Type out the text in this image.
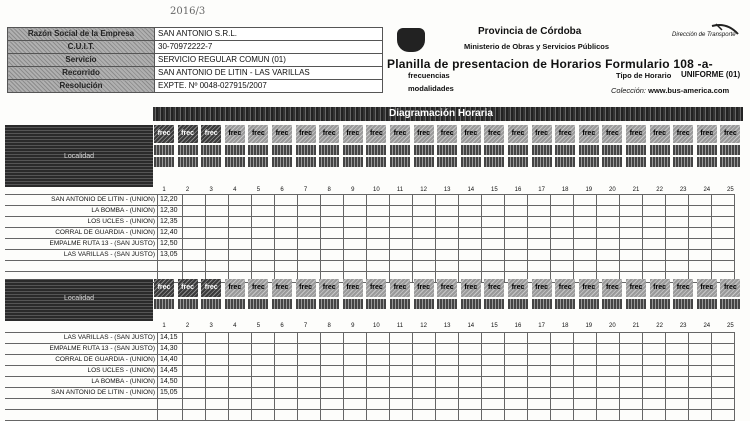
2016/3
Razón Social de la Empresa	SAN ANTONIO S.R.L.
C.U.I.T.	30-70972222-7
Servicio	SERVICIO REGULAR COMUN (01)
Recorrido	SAN ANTONIO DE LITIN - LAS VARILLAS
Resolución	EXPTE. Nº 0048-027915/2007
Provincia de Córdoba
Ministerio de Obras y Servicios Públicos
Dirección de Transporte
Planilla de presentacion de Horarios Formulario 108 -a-
frecuencias
modalidades
Tipo de Horario UNIFORME (01)
Colección: www.bus-america.com
Diagramación Horaria
Localidad
frec
1
frec
2
frec
3
frec
4
frec
5
frec
6
frec
7
frec
8
frec
9
frec
10
frec
11
frec
12
frec
13
frec
14
frec
15
frec
16
frec
17
frec
18
frec
19
frec
20
frec
21
frec
22
frec
23
frec
24
frec
25
SAN ANTONIO DE LITIN - (UNION)	12,20																								
LA BOMBA - (UNION)	12,30																								
LOS UCLES - (UNION)	12,35																								
CORRAL DE GUARDIA - (UNION)	12,40																								
EMPALME RUTA 13 - (SAN JUSTO)	12,50																								
LAS VARILLAS - (SAN JUSTO)	13,05																								

Localidad
frec
1
frec
2
frec
3
frec
4
frec
5
frec
6
frec
7
frec
8
frec
9
frec
10
frec
11
frec
12
frec
13
frec
14
frec
15
frec
16
frec
17
frec
18
frec
19
frec
20
frec
21
frec
22
frec
23
frec
24
frec
25
LAS VARILLAS - (SAN JUSTO)	14,15																								
EMPALME RUTA 13 - (SAN JUSTO)	14,30																								
CORRAL DE GUARDIA - (UNION)	14,40																								
LOS UCLES - (UNION)	14,45																								
LA BOMBA - (UNION)	14,50																								
SAN ANTONIO DE LITIN - (UNION)	15,05																								
